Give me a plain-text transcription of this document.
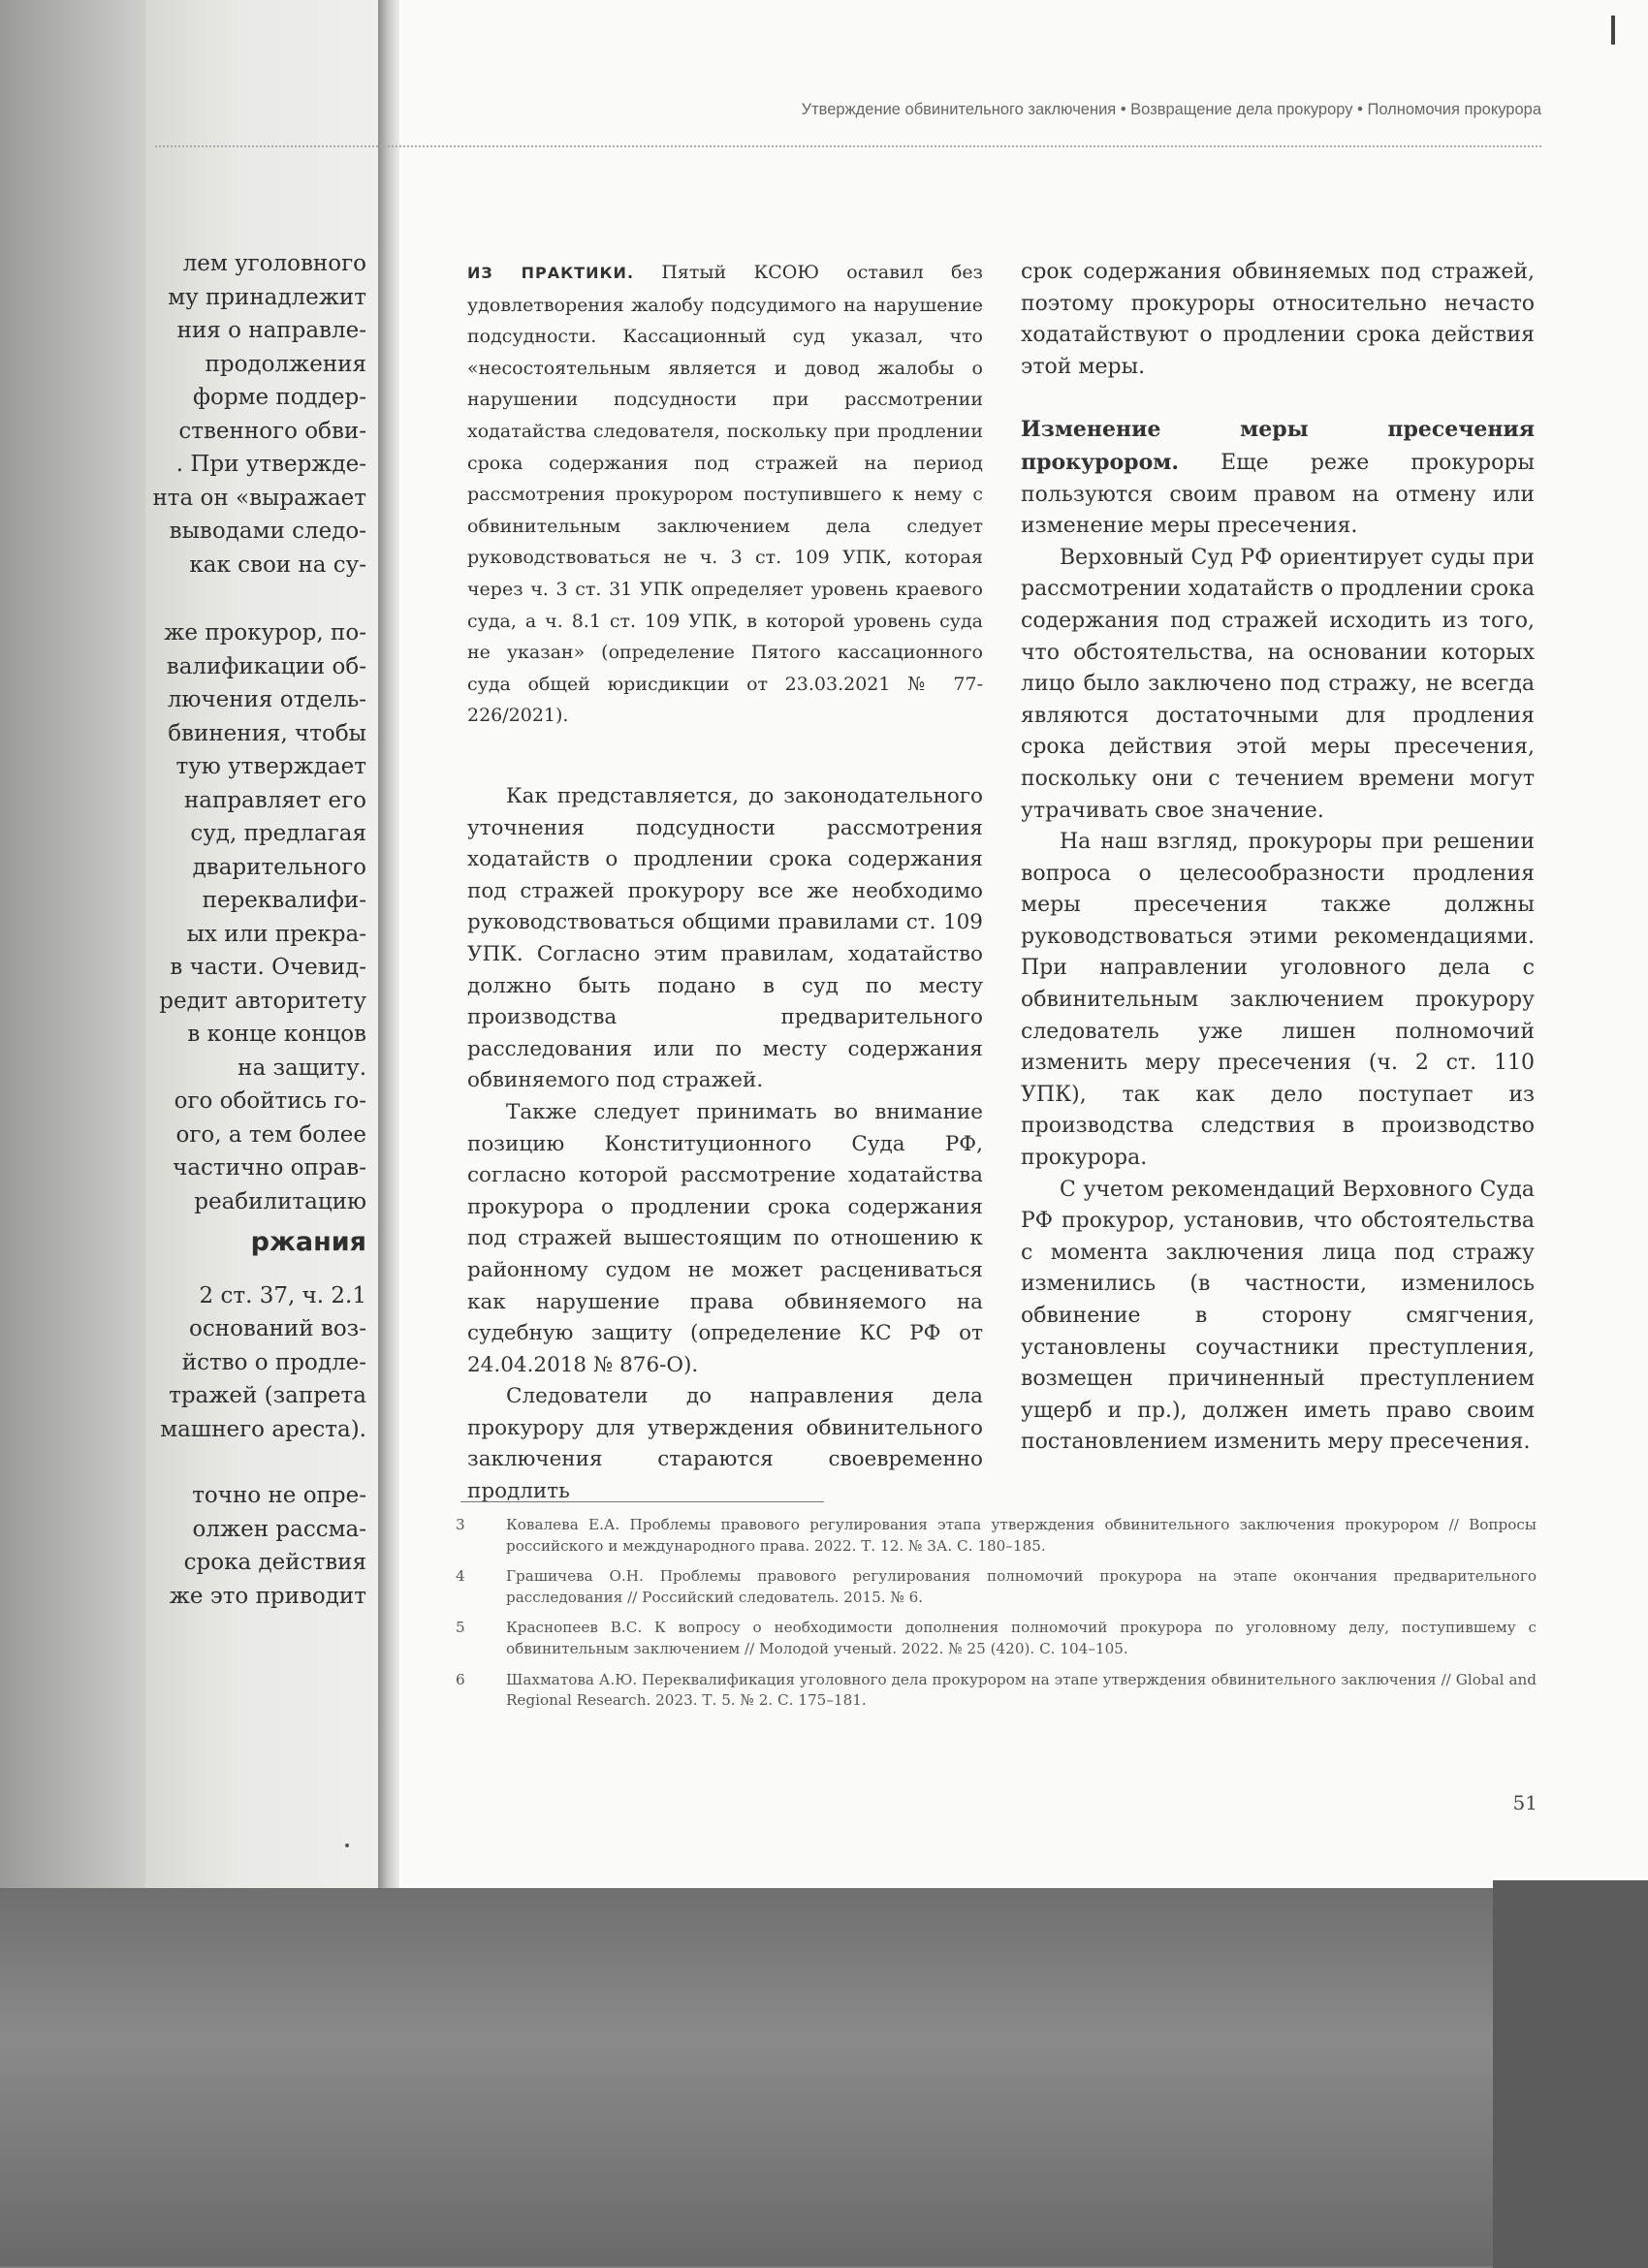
лем уголовного

му принадлежит

ния о направле-

продолжения

форме поддер-

ственного обви-

. При утвержде-

нта он «выражает

выводами следо-

как свои на су-

же прокурор, по-

валификации об-

лючения отдель-

бвинения, чтобы

тую утверждает

направляет его

суд, предлагая

дварительного

переквалифи-

ых или прекра-

в части. Очевид-

редит авторитету

в конце концов

на защиту.

ого обойтись го-

ого, а тем более

частично оправ-

реабилитацию

ржания

2 ст. 37, ч. 2.1

оснований воз-

йство о продле-

тражей (запрета

машнего ареста).

точно не опре-

олжен рассма-

срока действия

же это приводит

Утверждение обвинительного заключения • Возвращение дела прокурору • Полномочия прокурора

ИЗ ПРАКТИКИ. Пятый КСОЮ оставил без удовлетворения жалобу подсудимого на нарушение подсудности. Кассационный суд указал, что «несостоятельным является и довод жалобы о нарушении подсудности при рассмотрении ходатайства следователя, поскольку при продлении срока содержания под стражей на период рассмотрения прокурором поступившего к нему с обвинительным заключением дела следует руководствоваться не ч. 3 ст. 109 УПК, которая через ч. 3 ст. 31 УПК определяет уровень краевого суда, а ч. 8.1 ст. 109 УПК, в которой уровень суда не указан» (определение Пятого кассационного суда общей юрисдикции от 23.03.2021 № 77-226/2021).

Как представляется, до законодательного уточнения подсудности рассмотрения ходатайств о продлении срока содержания под стражей прокурору все же необходимо руководствоваться общими правилами ст. 109 УПК. Согласно этим правилам, ходатайство должно быть подано в суд по месту производства предварительного расследования или по месту содержания обвиняемого под стражей.

Также следует принимать во внимание позицию Конституционного Суда РФ, согласно которой рассмотрение ходатайства прокурора о продлении срока содержания под стражей вышестоящим по отношению к районному судом не может расцениваться как нарушение права обвиняемого на судебную защиту (определение КС РФ от 24.04.2018 № 876-О).

Следователи до направления дела прокурору для утверждения обвинительного заключения стараются своевременно продлить

срок содержания обвиняемых под стражей, поэтому прокуроры относительно нечасто ходатайствуют о продлении срока действия этой меры.

Изменение меры пресечения прокурором. Еще реже прокуроры пользуются своим правом на отмену или изменение меры пресечения.

Верховный Суд РФ ориентирует суды при рассмотрении ходатайств о продлении срока содержания под стражей исходить из того, что обстоятельства, на основании которых лицо было заключено под стражу, не всегда являются достаточными для продления срока действия этой меры пресечения, поскольку они с течением времени могут утрачивать свое значение.

На наш взгляд, прокуроры при решении вопроса о целесообразности продления меры пресечения также должны руководствоваться этими рекомендациями. При направлении уголовного дела с обвинительным заключением прокурору следователь уже лишен полномочий изменить меру пресечения (ч. 2 ст. 110 УПК), так как дело поступает из производства следствия в производство прокурора.

С учетом рекомендаций Верховного Суда РФ прокурор, установив, что обстоятельства с момента заключения лица под стражу изменились (в частности, изменилось обвинение в сторону смягчения, установлены соучастники преступления, возмещен причиненный преступлением ущерб и пр.), должен иметь право своим постановлением изменить меру пресечения.

3	Ковалева Е.А. Проблемы правового регулирования этапа утверждения обвинительного заключения прокурором // Вопросы российского и международного права. 2022. Т. 12. № 3А. С. 180–185.
4	Грашичева О.Н. Проблемы правового регулирования полномочий прокурора на этапе окончания предварительного расследования // Российский следователь. 2015. № 6.
5	Краснопеев В.С. К вопросу о необходимости дополнения полномочий прокурора по уголовному делу, поступившему с обвинительным заключением // Молодой ученый. 2022. № 25 (420). С. 104–105.
6	Шахматова А.Ю. Переквалификация уголовного дела прокурором на этапе утверждения обвинительного заключения // Global and Regional Research. 2023. Т. 5. № 2. С. 175–181.
51
